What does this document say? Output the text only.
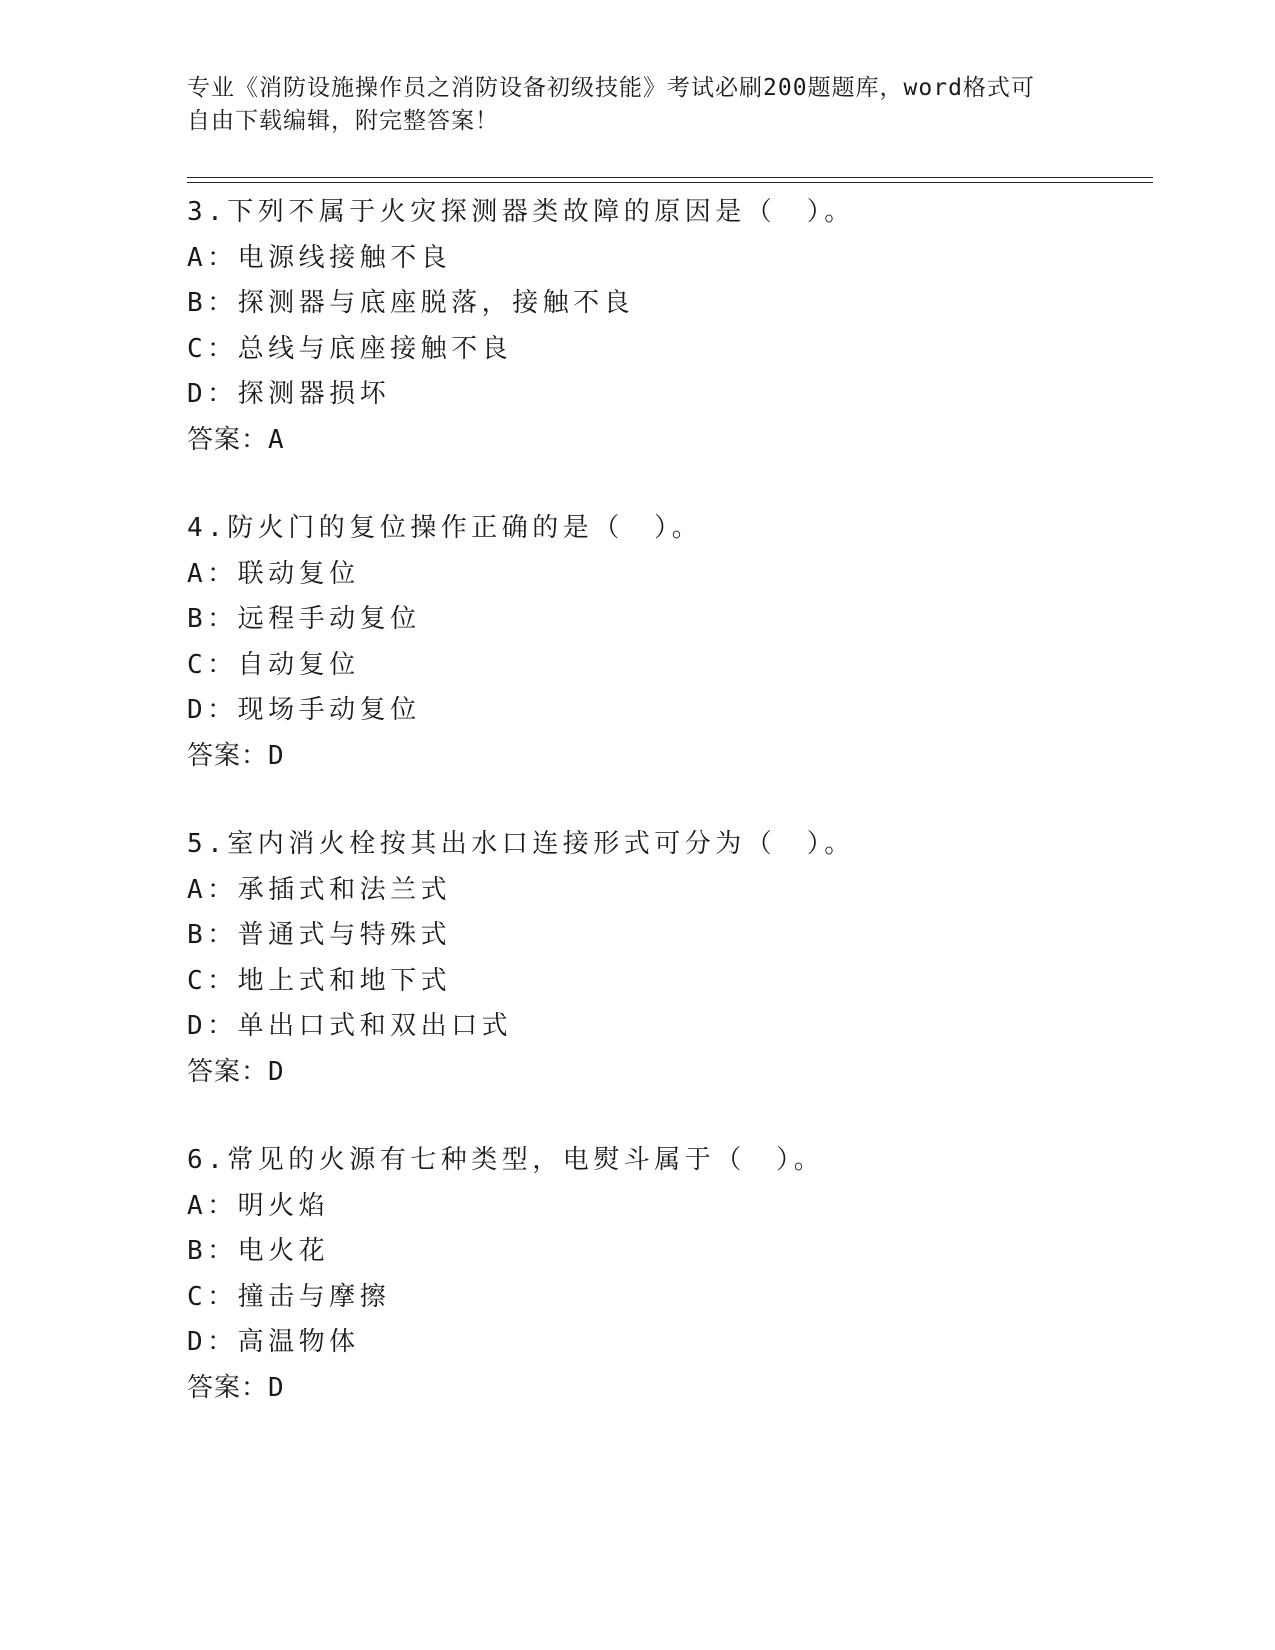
专业《消防设施操作员之消防设备初级技能》考试必刷200题题库，word格式可
自由下载编辑，附完整答案！
3.下列不属于火灾探测器类故障的原因是（　）。
A：电源线接触不良
B：探测器与底座脱落，接触不良
C：总线与底座接触不良
D：探测器损坏
答案：A
4.防火门的复位操作正确的是（　）。
A：联动复位
B：远程手动复位
C：自动复位
D：现场手动复位
答案：D
5.室内消火栓按其出水口连接形式可分为（　）。
A：承插式和法兰式
B：普通式与特殊式
C：地上式和地下式
D：单出口式和双出口式
答案：D
6.常见的火源有七种类型，电熨斗属于（　）。
A：明火焰
B：电火花
C：撞击与摩擦
D：高温物体
答案：D
